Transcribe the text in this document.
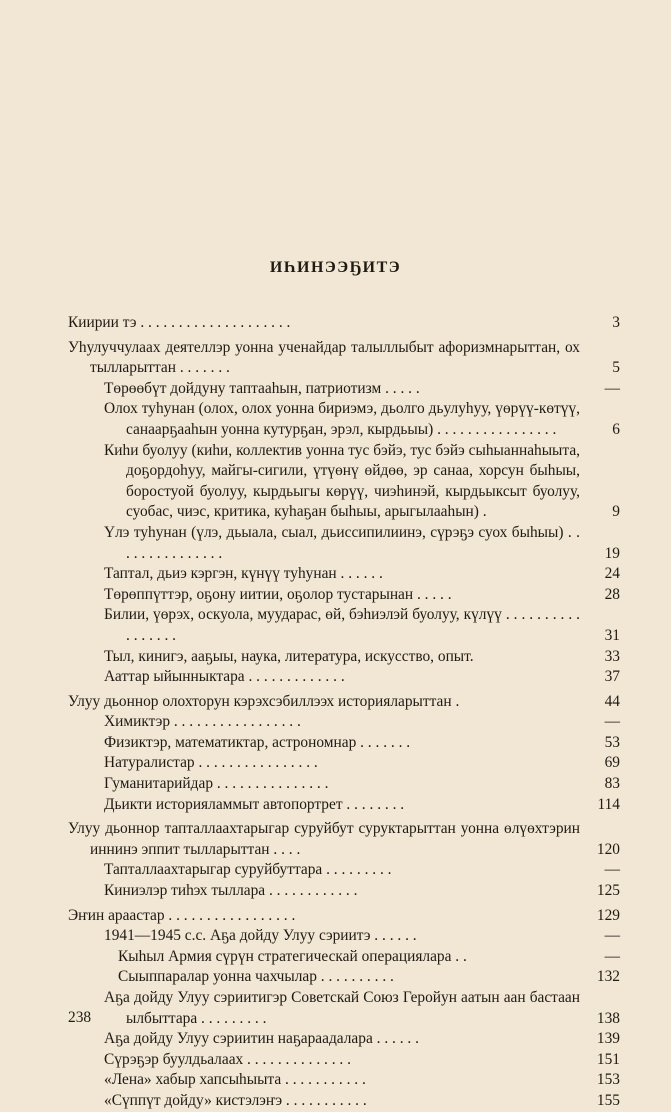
ИҺИНЭЭҔИТЭ
Киирии тэ . . . . . . . . . . . . . . . . . . . .	3
Уһулуччулаах деятеллэр уонна ученайдар талыллыбыт афоризмнарыттан, ох тылларыттан . . . . . . .	5
Төрөөбүт дойдуну таптааһын, патриотизм . . . . .	—
Олох туһунан (олох, олох уонна бириэмэ, дьолго дьулуһуу, үөрүү-көтүү, санаарҕааһын уонна кутурҕан, эрэл, кырдьыы) . . . . . . . . . . . . . . . .	6
Киһи буолуу (киһи, коллектив уонна тус бэйэ, тус бэйэ сыһыаннаһыыта, доҕордоһуу, майгы-сигили, үтүөнү өйдөө, эр санаа, хорсун быһыы, боростуой буолуу, кырдьыгы көрүү, чиэһинэй, кырдьыксыт буолуу, суобас, чиэс, критика, куһаҕан быһыы, арыгылааһын) .	9
Үлэ туһунан (үлэ, дьыала, сыал, дьиссипилиинэ, сүрэҕэ суох быһыы) . . . . . . . . . . . . . . .	19
Таптал, дьиэ кэргэн, күнүү туһунан . . . . . .	24
Төрөппүттэр, оҕону иитии, оҕолор тустарынан . . . . .	28
Билии, үөрэх, оскуола, муударас, өй, бэһиэлэй буолуу, күлүү . . . . . . . . . . . . . . . . .	31
Тыл, кинигэ, ааҕыы, наука, литература, искусство, опыт.	33
Ааттар ыйынныктара . . . . . . . . . . . . .	37
Улуу дьоннор олохторун кэрэхсэбиллээх историяларыттан .	44
Химиктэр . . . . . . . . . . . . . . . . .	—
Физиктэр, математиктар, астрономнар . . . . . . .	53
Натуралистар . . . . . . . . . . . . . . . .	69
Гуманитарийдар . . . . . . . . . . . . . . .	83
Дьикти историяламмыт автопортрет . . . . . . . .	114
Улуу дьоннор тапталлаахтарыгар суруйбут суруктарыттан уонна өлүөхтэрин иннинэ эппит тылларыттан . . . .	120
Тапталлаахтарыгар суруйбуттара . . . . . . . . .	—
Киниэлэр тиһэх тыллара . . . . . . . . . . . .	125
Эҥин араастар . . . . . . . . . . . . . . . . .	129
1941—1945 с.с. Аҕа дойду Улуу сэриитэ . . . . . .	—
Кыһыл Армия сүрүн стратегическай операциялара . .	—
Сыыппаралар уонна чахчылар . . . . . . . . . .	132
Аҕа дойду Улуу сэриитигэр Советскай Союз Геройун аатын аан бастаан ылбыттара . . . . . . . . .	138
Аҕа дойду Улуу сэриитин наҕараадалара . . . . . .	139
Сүрэҕэр буулдьалаах . . . . . . . . . . . . . .	151
«Лена» хабыр хапсыһыыта . . . . . . . . . . .	153
«Сүппүт дойду» кистэлэҥэ . . . . . . . . . . .	155
238
